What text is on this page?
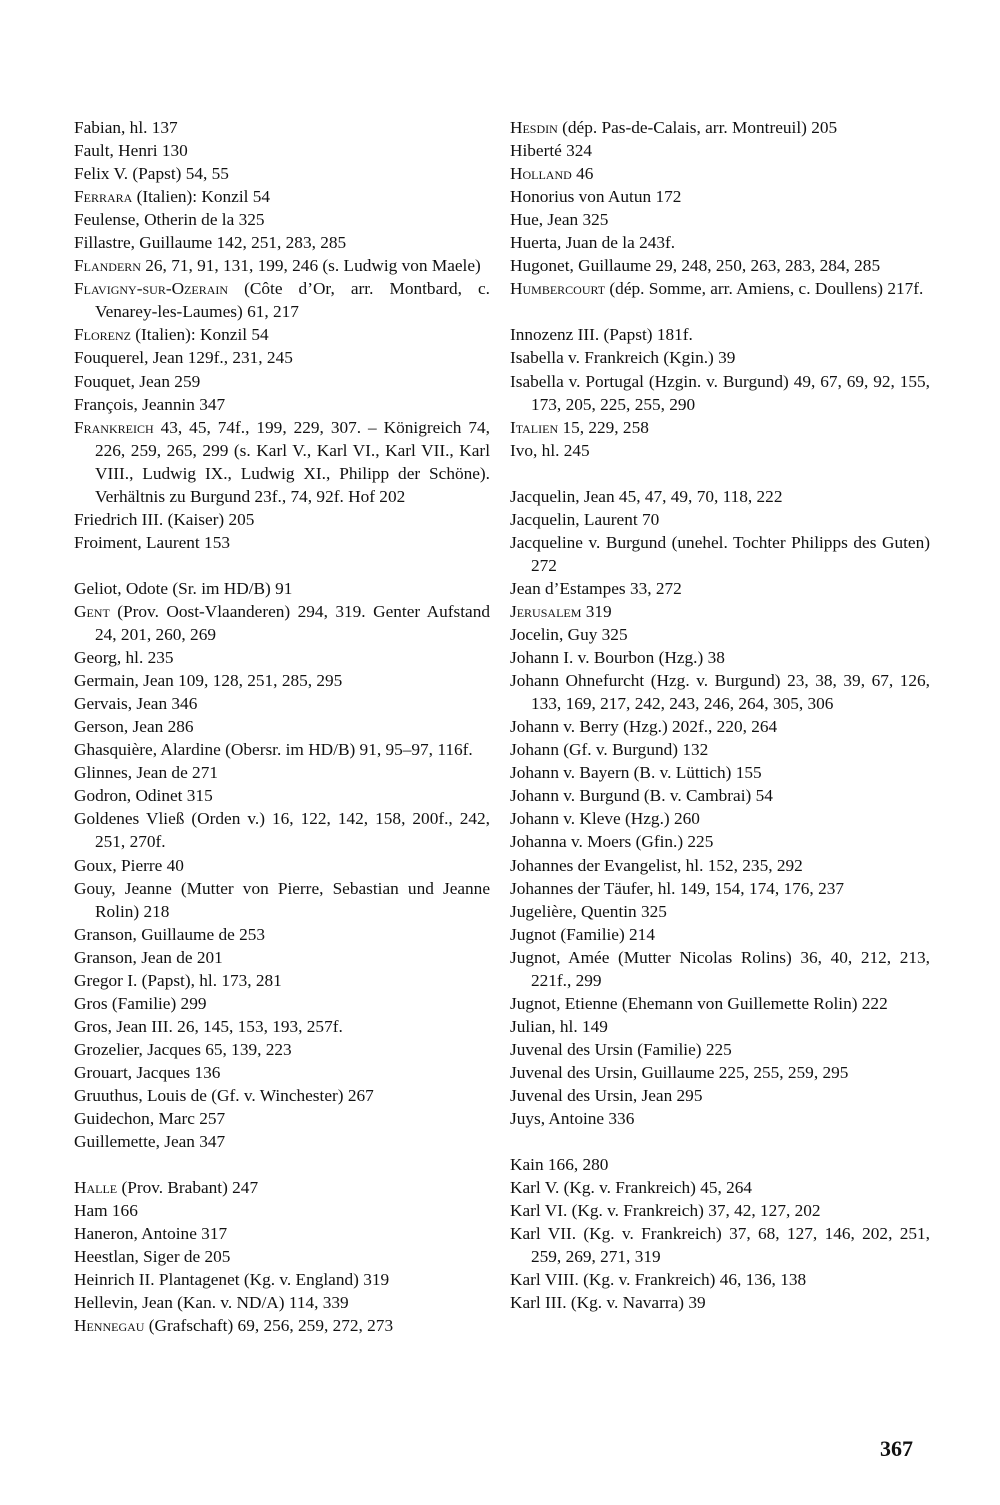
Fabian, hl. 137
Fault, Henri 130
Felix V. (Papst) 54, 55
Ferrara (Italien): Konzil 54
Feulense, Otherin de la 325
Fillastre, Guillaume 142, 251, 283, 285
Flandern 26, 71, 91, 131, 199, 246 (s. Ludwig von Maele)
Flavigny-sur-Ozerain (Côte d’Or, arr. Montbard, c. Venarey-les-Laumes) 61, 217
Florenz (Italien): Konzil 54
Fouquerel, Jean 129f., 231, 245
Fouquet, Jean 259
François, Jeannin 347
Frankreich 43, 45, 74f., 199, 229, 307. – Königreich 74, 226, 259, 265, 299 (s. Karl V., Karl VI., Karl VII., Karl VIII., Ludwig IX., Ludwig XI., Philipp der Schöne). Verhältnis zu Burgund 23f., 74, 92f. Hof 202
Friedrich III. (Kaiser) 205
Froiment, Laurent 153
Geliot, Odote (Sr. im HD/B) 91
Gent (Prov. Oost-Vlaanderen) 294, 319. Genter Aufstand 24, 201, 260, 269
Georg, hl. 235
Germain, Jean 109, 128, 251, 285, 295
Gervais, Jean 346
Gerson, Jean 286
Ghasquière, Alardine (Obersr. im HD/B) 91, 95–97, 116f.
Glinnes, Jean de 271
Godron, Odinet 315
Goldenes Vließ (Orden v.) 16, 122, 142, 158, 200f., 242, 251, 270f.
Goux, Pierre 40
Gouy, Jeanne (Mutter von Pierre, Sebastian und Jeanne Rolin) 218
Granson, Guillaume de 253
Granson, Jean de 201
Gregor I. (Papst), hl. 173, 281
Gros (Familie) 299
Gros, Jean III. 26, 145, 153, 193, 257f.
Grozelier, Jacques 65, 139, 223
Grouart, Jacques 136
Gruuthus, Louis de (Gf. v. Winchester) 267
Guidechon, Marc 257
Guillemette, Jean 347
Halle (Prov. Brabant) 247
Ham 166
Haneron, Antoine 317
Heestlan, Siger de 205
Heinrich II. Plantagenet (Kg. v. England) 319
Hellevin, Jean (Kan. v. ND/A) 114, 339
Hennegau (Grafschaft) 69, 256, 259, 272, 273
Hesdin (dép. Pas-de-Calais, arr. Montreuil) 205
Hiberté 324
Holland 46
Honorius von Autun 172
Hue, Jean 325
Huerta, Juan de la 243f.
Hugonet, Guillaume 29, 248, 250, 263, 283, 284, 285
Humbercourt (dép. Somme, arr. Amiens, c. Doullens) 217f.
Innozenz III. (Papst) 181f.
Isabella v. Frankreich (Kgin.) 39
Isabella v. Portugal (Hzgin. v. Burgund) 49, 67, 69, 92, 155, 173, 205, 225, 255, 290
Italien 15, 229, 258
Ivo, hl. 245
Jacquelin, Jean 45, 47, 49, 70, 118, 222
Jacquelin, Laurent 70
Jacqueline v. Burgund (unehel. Tochter Philipps des Guten) 272
Jean d’Estampes 33, 272
Jerusalem 319
Jocelin, Guy 325
Johann I. v. Bourbon (Hzg.) 38
Johann Ohnefurcht (Hzg. v. Burgund) 23, 38, 39, 67, 126, 133, 169, 217, 242, 243, 246, 264, 305, 306
Johann v. Berry (Hzg.) 202f., 220, 264
Johann (Gf. v. Burgund) 132
Johann v. Bayern (B. v. Lüttich) 155
Johann v. Burgund (B. v. Cambrai) 54
Johann v. Kleve (Hzg.) 260
Johanna v. Moers (Gfin.) 225
Johannes der Evangelist, hl. 152, 235, 292
Johannes der Täufer, hl. 149, 154, 174, 176, 237
Jugelière, Quentin 325
Jugnot (Familie) 214
Jugnot, Amée (Mutter Nicolas Rolins) 36, 40, 212, 213, 221f., 299
Jugnot, Etienne (Ehemann von Guillemette Rolin) 222
Julian, hl. 149
Juvenal des Ursin (Familie) 225
Juvenal des Ursin, Guillaume 225, 255, 259, 295
Juvenal des Ursin, Jean 295
Juys, Antoine 336
Kain 166, 280
Karl V. (Kg. v. Frankreich) 45, 264
Karl VI. (Kg. v. Frankreich) 37, 42, 127, 202
Karl VII. (Kg. v. Frankreich) 37, 68, 127, 146, 202, 251, 259, 269, 271, 319
Karl VIII. (Kg. v. Frankreich) 46, 136, 138
Karl III. (Kg. v. Navarra) 39
367
